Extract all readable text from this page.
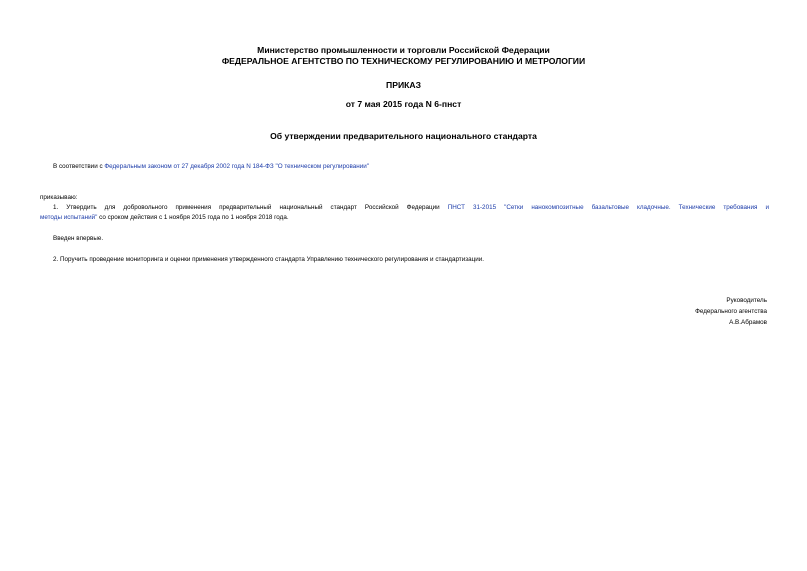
Министерство промышленности и торговли Российской Федерации
ФЕДЕРАЛЬНОЕ АГЕНТСТВО ПО ТЕХНИЧЕСКОМУ РЕГУЛИРОВАНИЮ И МЕТРОЛОГИИ
ПРИКАЗ
от 7 мая 2015 года N 6-пнст
Об утверждении предварительного национального стандарта
В соответствии с Федеральным законом от 27 декабря 2002 года N 184-ФЗ "О техническом регулировании"
приказываю:
1. Утвердить для добровольного применения предварительный национальный стандарт Российской Федерации ПНСТ 31-2015 "Сетки нанокомпозитные базальтовые кладочные. Технические требования и
методы испытаний" со сроком действия с 1 ноября 2015 года по 1 ноября 2018 года.
Введен впервые.
2. Поручить проведение мониторинга и оценки применения утвержденного стандарта Управлению технического регулирования и стандартизации.
Руководитель
Федерального агентства
А.В.Абрамов
